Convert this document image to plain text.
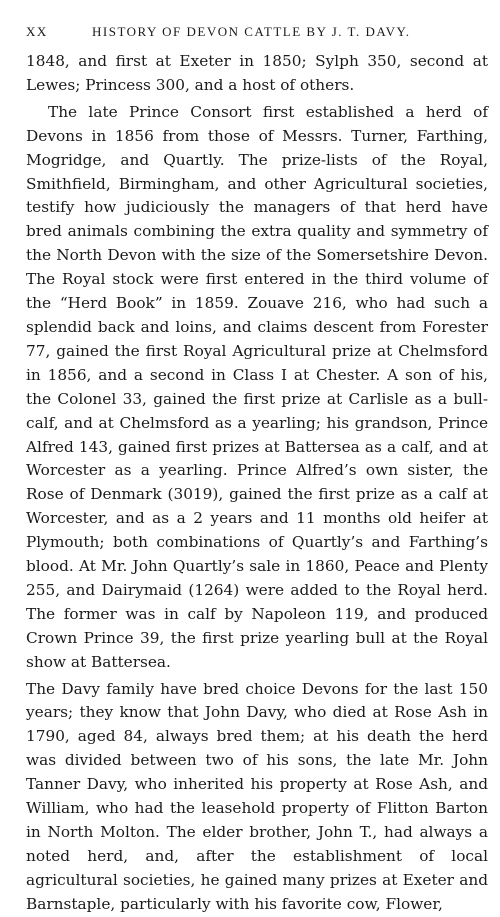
XX	HISTORY OF DEVON CATTLE BY J. T. DAVY.

1848, and first at Exeter in 1850; Sylph 350, second at Lewes; Princess 300, and a host of others.

The late Prince Consort first established a herd of Devons in 1856 from those of Messrs. Turner, Farthing, Mogridge, and Quartly. The prize-lists of the Royal, Smithfield, Birmingham, and other Agricultural societies, testify how judiciously the managers of that herd have bred animals combining the extra quality and symmetry of the North Devon with the size of the Somersetshire Devon. The Royal stock were first entered in the third volume of the “Herd Book” in 1859. Zouave 216, who had such a splendid back and loins, and claims descent from Forester 77, gained the first Royal Agricultural prize at Chelmsford in 1856, and a second in Class I at Chester. A son of his, the Colonel 33, gained the first prize at Carlisle as a bull-calf, and at Chelmsford as a yearling; his grandson, Prince Alfred 143, gained first prizes at Battersea as a calf, and at Worcester as a yearling. Prince Alfred’s own sister, the Rose of Denmark (3019), gained the first prize as a calf at Worcester, and as a 2 years and 11 months old heifer at Plymouth; both combinations of Quartly’s and Farthing’s blood. At Mr. John Quartly’s sale in 1860, Peace and Plenty 255, and Dairymaid (1264) were added to the Royal herd. The former was in calf by Napoleon 119, and produced Crown Prince 39, the first prize yearling bull at the Royal show at Battersea.

The Davy family have bred choice Devons for the last 150 years; they know that John Davy, who died at Rose Ash in 1790, aged 84, always bred them; at his death the herd was divided between two of his sons, the late Mr. John Tanner Davy, who inherited his property at Rose Ash, and William, who had the leasehold property of Flitton Barton in North Molton. The elder brother, John T., had always a noted herd, and, after the establishment of local agricultural societies, he gained many prizes at Exeter and Barnstaple, particularly with his favorite cow, Flower,
